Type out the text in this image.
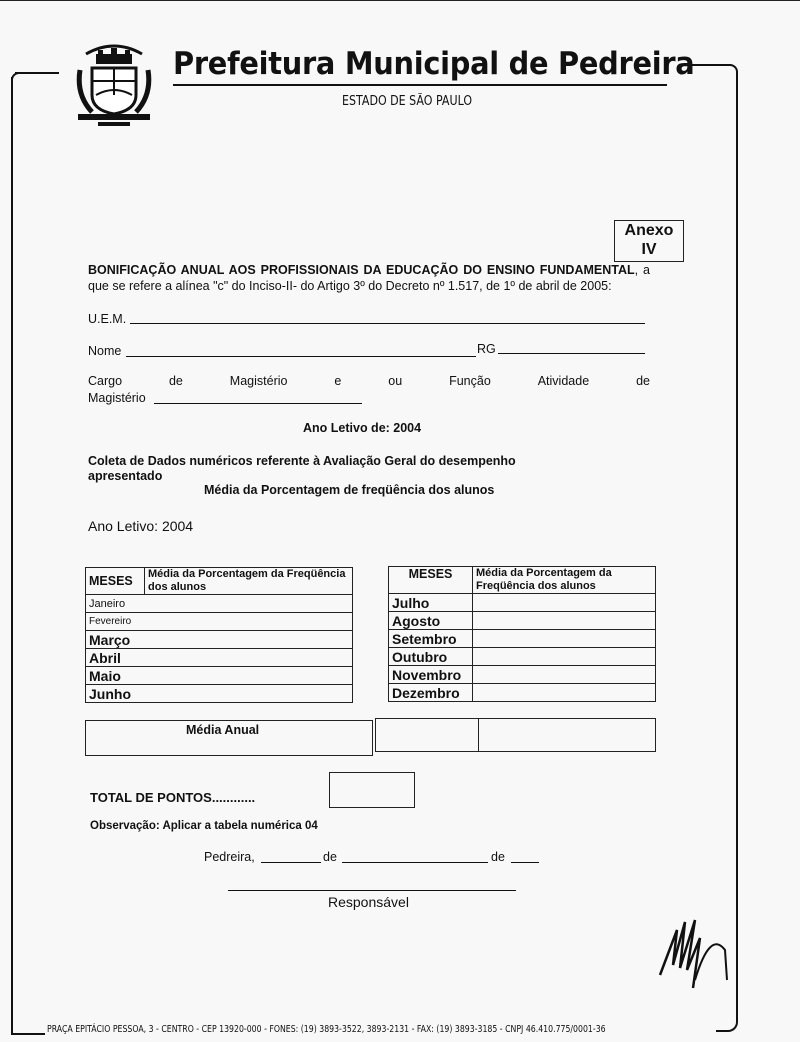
Prefeitura Municipal de Pedreira
ESTADO DE SÃO PAULO
Anexo
IV
BONIFICAÇÃO ANUAL AOS PROFISSIONAIS DA EDUCAÇÃO DO ENSINO FUNDAMENTAL, a que se refere a alínea "c" do Inciso-II- do Artigo 3º do Decreto nº 1.517, de 1º de abril de 2005:
U.E.M.
Nome	RG
Cargo	de	Magistério	e	ou	Função	Atividade	de
Magistério
Ano Letivo de: 2004
Coleta de Dados numéricos referente à Avaliação Geral do desempenho
apresentado
Média da Porcentagem de freqüência dos alunos
Ano Letivo: 2004
MESES	Média da Porcentagem da Freqüência dos alunos
Janeiro
Fevereiro
Março
Abril
Maio
Junho
MESES	Média da Porcentagem da Freqüência dos alunos
Julho	
Agosto	
Setembro	
Outubro	
Novembro	
Dezembro	
Média Anual
TOTAL DE PONTOS............
Observação: Aplicar a tabela numérica 04
Pedreira,	de	de
Responsável
PRAÇA EPITÁCIO PESSOA, 3 - CENTRO - CEP 13920-000 - FONES: (19) 3893-3522, 3893-2131 - FAX: (19) 3893-3185 - CNPJ 46.410.775/0001-36
